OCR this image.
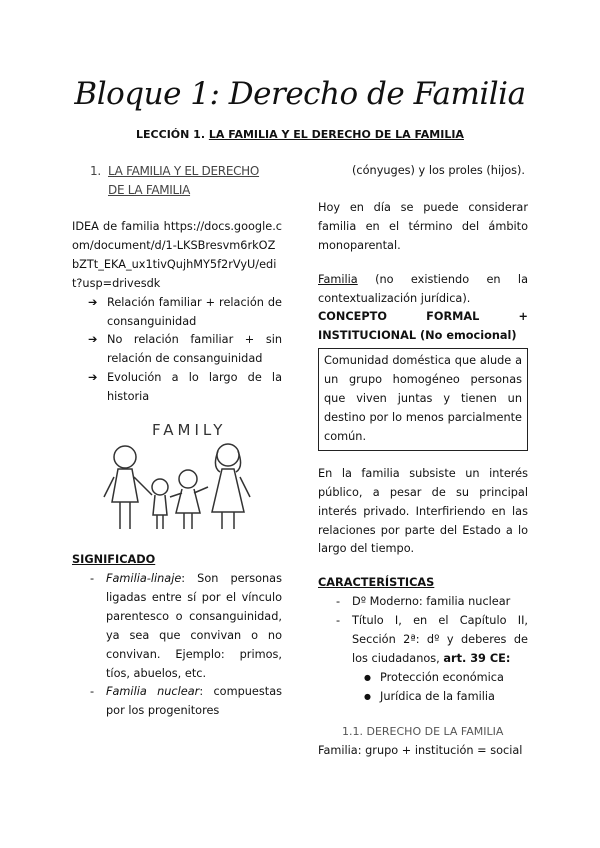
Bloque 1: Derecho de Familia
LECCIÓN 1. LA FAMILIA Y EL DERECHO DE LA FAMILIA
1. LA FAMILIA Y EL DERECHO
DE LA FAMILIA
IDEA de familia https://docs.google.com/document/d/1-LKSBresvm6rkOZbZTt_EKA_ux1tivQujhMY5f2rVyU/edit?usp=drivesdk
➔ Relación familiar + relación de consanguinidad
➔ No relación familiar + sin relación de consanguinidad
➔ Evolución a lo largo de la historia
FAMILY
SIGNIFICADO
- Familia-linaje: Son personas ligadas entre sí por el vínculo parentesco o consanguinidad, ya sea que convivan o no convivan. Ejemplo: primos, tíos, abuelos, etc.
- Familia nuclear: compuestas por los progenitores
(cónyuges) y los proles (hijos).
Hoy en día se puede considerar familia en el término del ámbito monoparental.
Familia (no existiendo en la contextualización jurídica).
CONCEPTO FORMAL + INSTITUCIONAL (No emocional)
Comunidad doméstica que alude a un grupo homogéneo personas que viven juntas y tienen un destino por lo menos parcialmente común.
En la familia subsiste un interés público, a pesar de su principal interés privado. Interfiriendo en las relaciones por parte del Estado a lo largo del tiempo.
CARACTERÍSTICAS
- Dº Moderno: familia nuclear
- Título I, en el Capítulo II, Sección 2ª: dº y deberes de los ciudadanos, art. 39 CE:
● Protección económica
● Jurídica de la familia
1.1. DERECHO DE LA FAMILIA
Familia: grupo + institución = social
